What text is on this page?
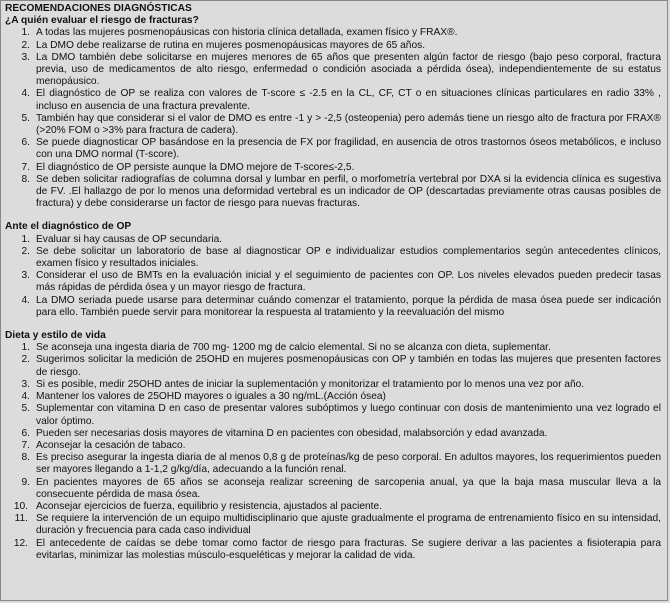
RECOMENDACIONES DIAGNÓSTICAS
¿A quién evaluar el riesgo de fracturas?
1. A todas las mujeres posmenopáusicas con historia clínica detallada, examen físico y FRAX®.
2. La DMO debe realizarse de rutina en mujeres posmenopáusicas mayores de 65 años.
3. La DMO también debe solicitarse en mujeres menores de 65 años que presenten algún factor de riesgo (bajo peso corporal, fractura previa, uso de medicamentos de alto riesgo, enfermedad o condición asociada a pérdida ósea), independientemente de su estatus menopáusico.
4. El diagnóstico de OP se realiza con valores de T-score ≤ -2.5 en la CL, CF, CT o en situaciones clínicas particulares en radio 33% , incluso en ausencia de una fractura prevalente.
5. También hay que considerar si el valor de DMO es entre -1 y > -2,5 (osteopenia) pero además tiene un riesgo alto de fractura por FRAX® (>20% FOM o >3% para fractura de cadera).
6. Se puede diagnosticar OP basándose en la presencia de FX por fragilidad, en ausencia de otros trastornos óseos metabólicos, e incluso con una DMO normal (T-score).
7. El diagnóstico de OP persiste aunque la DMO mejore de T-score≤-2,5.
8. Se deben solicitar radiografías de columna dorsal y lumbar en perfil, o morfometría vertebral por DXA si la evidencia clínica es sugestiva de FV. .El hallazgo de por lo menos una deformidad vertebral es un indicador de OP (descartadas previamente otras causas posibles de fractura) y debe considerarse un factor de riesgo para nuevas fracturas.
Ante el diagnóstico de OP
1. Evaluar si hay causas de OP secundaria.
2. Se debe solicitar un laboratorio de base al diagnosticar OP e individualizar estudios complementarios según antecedentes clínicos, examen físico y resultados iniciales.
3. Considerar el uso de BMTs en la evaluación inicial y el seguimiento de pacientes con OP. Los niveles elevados pueden predecir tasas más rápidas de pérdida ósea y un mayor riesgo de fractura.
4. La DMO seriada puede usarse para determinar cuándo comenzar el tratamiento, porque la pérdida de masa ósea puede ser indicación para ello. También puede servir para monitorear la respuesta al tratamiento y la reevaluación del mismo
Dieta y estilo de vida
1. Se aconseja una ingesta diaria de 700 mg- 1200 mg de calcio elemental. Si no se alcanza con dieta, suplementar.
2. Sugerimos solicitar la medición de 25OHD en mujeres posmenopáusicas con OP y también en todas las mujeres que presenten factores de riesgo.
3. Si es posible, medir 25OHD antes de iniciar la suplementación y monitorizar el tratamiento por lo menos una vez por año.
4. Mantener los valores de 25OHD mayores o iguales a 30 ng/mL.(Acción ósea)
5. Suplementar con vitamina D en caso de presentar valores subóptimos y luego continuar con dosis de mantenimiento una vez logrado el valor óptimo.
6. Pueden ser necesarias dosis mayores de vitamina D en pacientes con obesidad, malabsorción y edad avanzada.
7. Aconsejar la cesación de tabaco.
8. Es preciso asegurar la ingesta diaria de al menos 0,8 g de proteínas/kg de peso corporal. En adultos mayores, los requerimientos pueden ser mayores llegando a 1-1,2 g/kg/día, adecuando a la función renal.
9. En pacientes mayores de 65 años se aconseja realizar screening de sarcopenia anual, ya que la baja masa muscular lleva a la consecuente pérdida de masa ósea.
10. Aconsejar ejercicios de fuerza, equilibrio y resistencia, ajustados al paciente.
11. Se requiere la intervención de un equipo multidisciplinario que ajuste gradualmente el programa de entrenamiento físico en su intensidad, duración y frecuencia para cada caso individual
12. El antecedente de caídas se debe tomar como factor de riesgo para fracturas. Se sugiere derivar a las pacientes a fisioterapia para evitarlas, minimizar las molestias músculo-esqueléticas y mejorar la calidad de vida.
